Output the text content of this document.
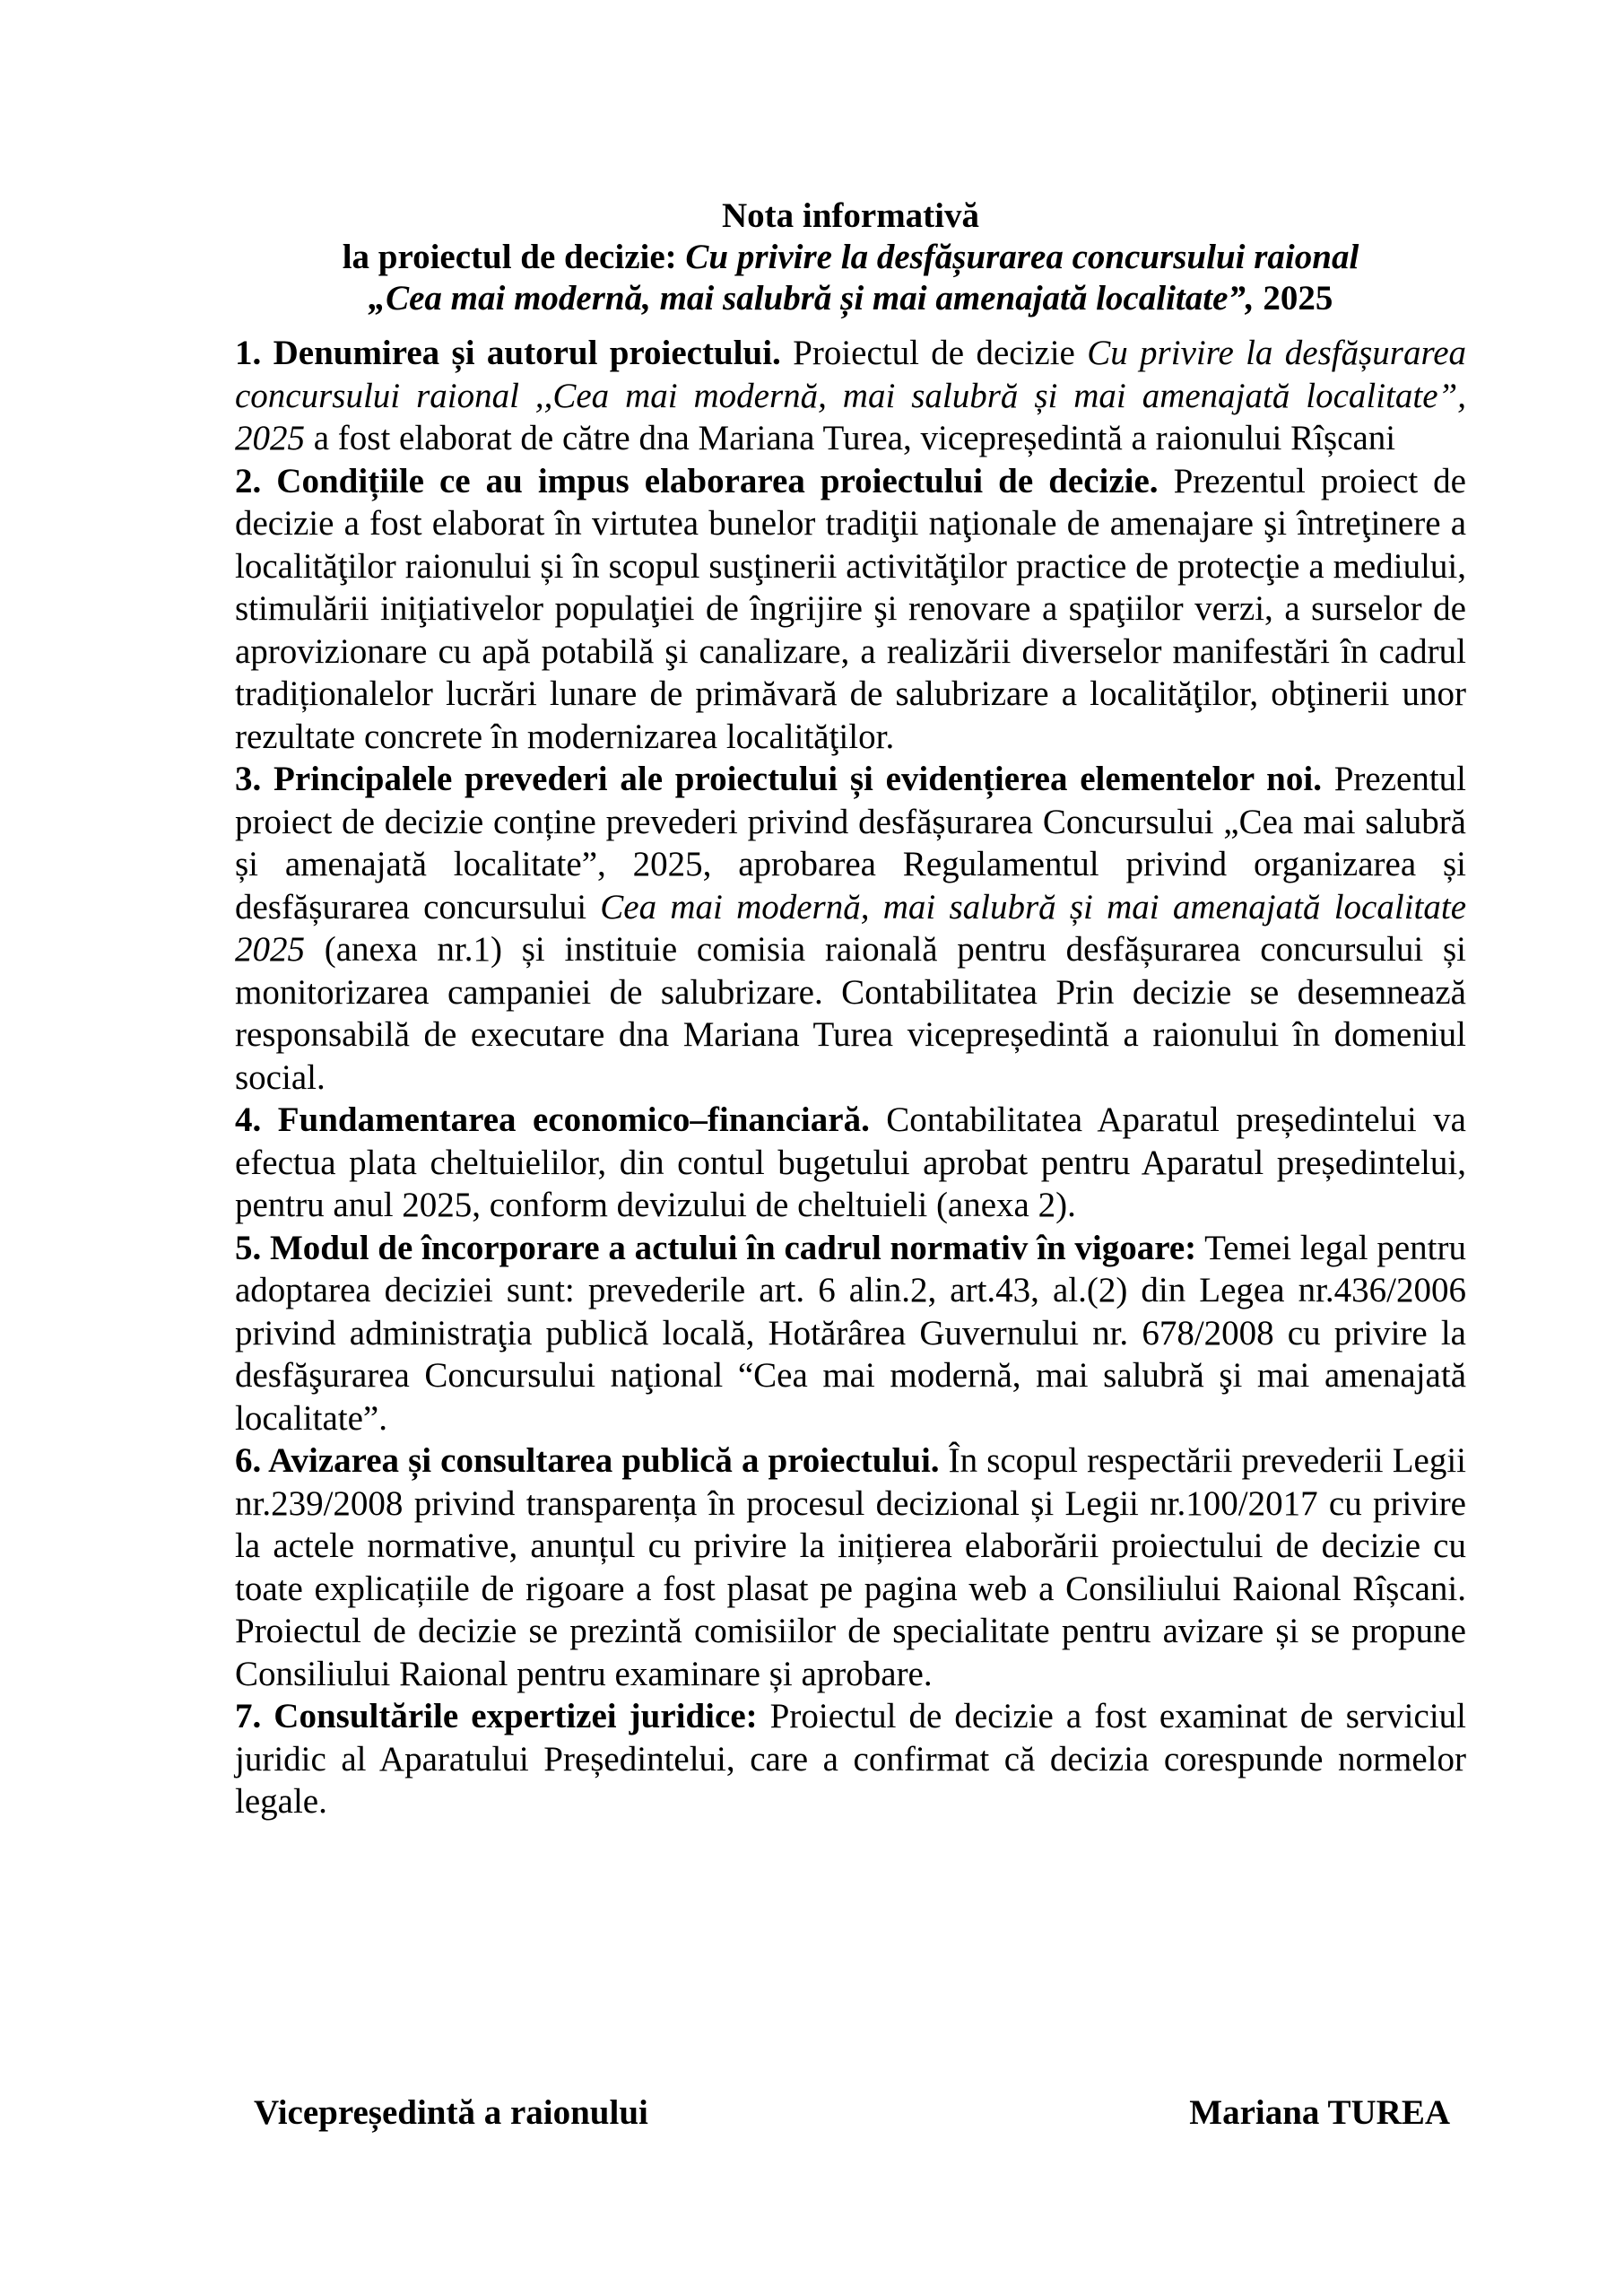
Nota informativă
la proiectul de decizie: Cu privire la desfășurarea concursului raional
„Cea mai modernă, mai salubră și mai amenajată localitate”, 2025
1. Denumirea și autorul proiectului. Proiectul de decizie Cu privire la desfășurarea concursului raional ,,Cea mai modernă, mai salubră și mai amenajată localitate”, 2025 a fost elaborat de către dna Mariana Turea, vicepreședintă a raionului Rîșcani
2. Condițiile ce au impus elaborarea proiectului de decizie. Prezentul proiect de decizie a fost elaborat în virtutea bunelor tradiţii naţionale de amenajare şi întreţinere a localităţilor raionului și în scopul susţinerii activităţilor practice de protecţie a mediului, stimulării iniţiativelor populaţiei de îngrijire şi renovare a spaţiilor verzi, a surselor de aprovizionare cu apă potabilă şi canalizare, a realizării diverselor manifestări în cadrul tradiționalelor lucrări lunare de primăvară de salubrizare a localităţilor, obţinerii unor rezultate concrete în modernizarea localităţilor.
3. Principalele prevederi ale proiectului și evidențierea elementelor noi. Prezentul proiect de decizie conține prevederi privind desfășurarea Concursului „Cea mai salubră și amenajată localitate”, 2025, aprobarea Regulamentul privind organizarea și desfășurarea concursului Cea mai modernă, mai salubră și mai amenajată localitate 2025 (anexa nr.1) și instituie comisia raională pentru desfășurarea concursului și monitorizarea campaniei de salubrizare. Contabilitatea Prin decizie se desemnează responsabilă de executare dna Mariana Turea vicepreședintă a raionului în domeniul social.
4. Fundamentarea economico–financiară. Contabilitatea Aparatul președintelui va efectua plata cheltuielilor, din contul bugetului aprobat pentru Aparatul președintelui, pentru anul 2025, conform devizului de cheltuieli (anexa 2).
5. Modul de încorporare a actului în cadrul normativ în vigoare: Temei legal pentru adoptarea deciziei sunt: prevederile art. 6 alin.2, art.43, al.(2) din Legea nr.436/2006 privind administraţia publică locală, Hotărârea Guvernului nr. 678/2008 cu privire la desfăşurarea Concursului naţional “Cea mai modernă, mai salubră şi mai amenajată localitate”.
6. Avizarea și consultarea publică a proiectului. În scopul respectării prevederii Legii nr.239/2008 privind transparența în procesul decizional și Legii nr.100/2017 cu privire la actele normative, anunțul cu privire la inițierea elaborării proiectului de decizie cu toate explicațiile de rigoare a fost plasat pe pagina web a Consiliului Raional Rîșcani. Proiectul de decizie se prezintă comisiilor de specialitate pentru avizare și se propune Consiliului Raional pentru examinare și aprobare.
7. Consultările expertizei juridice: Proiectul de decizie a fost examinat de serviciul juridic al Aparatului Președintelui, care a confirmat că decizia corespunde normelor legale.
Vicepreședintă a raionului	Mariana TUREA
